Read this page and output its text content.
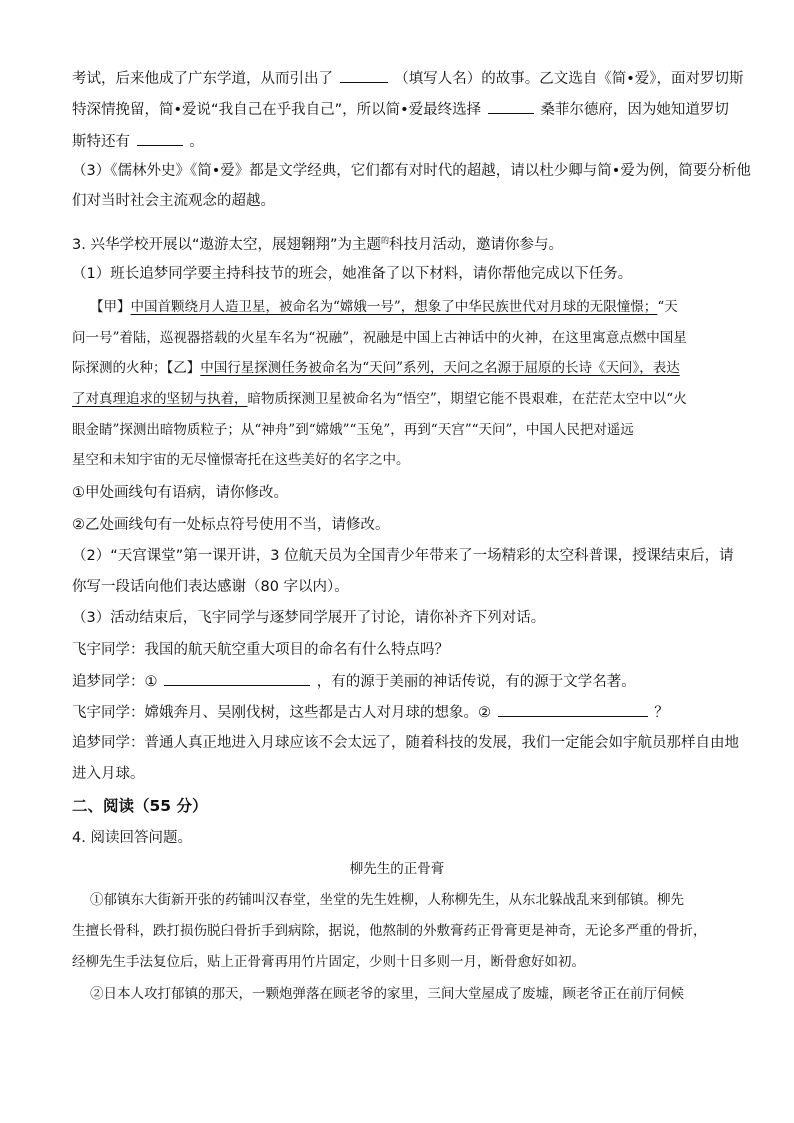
考试，后来他成了广东学道，从而引出了	（填写人名）的故事。乙文选自《简•爱》，面对罗切斯
特深情挽留，简•爱说“我自己在乎我自己”，所以简•爱最终选择	桑菲尔德府，因为她知道罗切
斯特还有	。
（3）《儒林外史》《简•爱》都是文学经典，它们都有对时代的超越，请以杜少卿与简•爱为例，简要分析他
们对当时社会主流观念的超越。
3. 兴华学校开展以“遨游太空，展翅翱翔”为主题$^的$科技月活动，邀请你参与。
（1）班长追梦同学要主持科技节的班会，她准备了以下材料，请你帮他完成以下任务。
【甲】中国首颗绕月人造卫星，被命名为“嫦娥一号”，想象了中华民族世代对月球的无限憧憬；“天
问一号”着陆，巡视器搭载的火星车名为“祝融”，祝融是中国上古神话中的火神，在这里寓意点燃中国星
际探测的火种；【乙】中国行星探测任务被命名为“天问”系列，天问之名源于屈原的长诗《天问》，表达
了对真理追求的坚韧与执着，暗物质探测卫星被命名为“悟空”，期望它能不畏艰难，在茫茫太空中以“火
眼金睛”探测出暗物质粒子；从“神舟”到“嫦娥”“玉兔”，再到“天宫”“天问”，中国人民把对遥远
星空和未知宇宙的无尽憧憬寄托在这些美好的名字之中。
①甲处画线句有语病，请你修改。
②乙处画线句有一处标点符号使用不当，请修改。
（2）“天宫课堂”第一课开讲，3 位航天员为全国青少年带来了一场精彩的太空科普课，授课结束后，请
你写一段话向他们表达感谢（80 字以内）。
（3）活动结束后，飞宇同学与逐梦同学展开了讨论，请你补齐下列对话。
飞宇同学：我国的航天航空重大项目的命名有什么特点吗？
追梦同学：①	，有的源于美丽的神话传说，有的源于文学名著。
飞宇同学：嫦娥奔月、吴刚伐树，这些都是古人对月球的想象。②	？
追梦同学：普通人真正地进入月球应该不会太远了，随着科技的发展，我们一定能会如宇航员那样自由地
进入月球。
二、阅读（55 分）
4. 阅读回答问题。
柳先生的正骨膏
①郁镇东大街新开张的药铺叫汉春堂，坐堂的先生姓柳，人称柳先生，从东北躲战乱来到郁镇。柳先
生擅长骨科，跌打损伤脱臼骨折手到病除，据说，他熬制的外敷膏药正骨膏更是神奇，无论多严重的骨折，
经柳先生手法复位后，贴上正骨膏再用竹片固定，少则十日多则一月，断骨愈好如初。
②日本人攻打郁镇的那天，一颗炮弹落在顾老爷的家里，三间大堂屋成了废墟，顾老爷正在前厅伺候
